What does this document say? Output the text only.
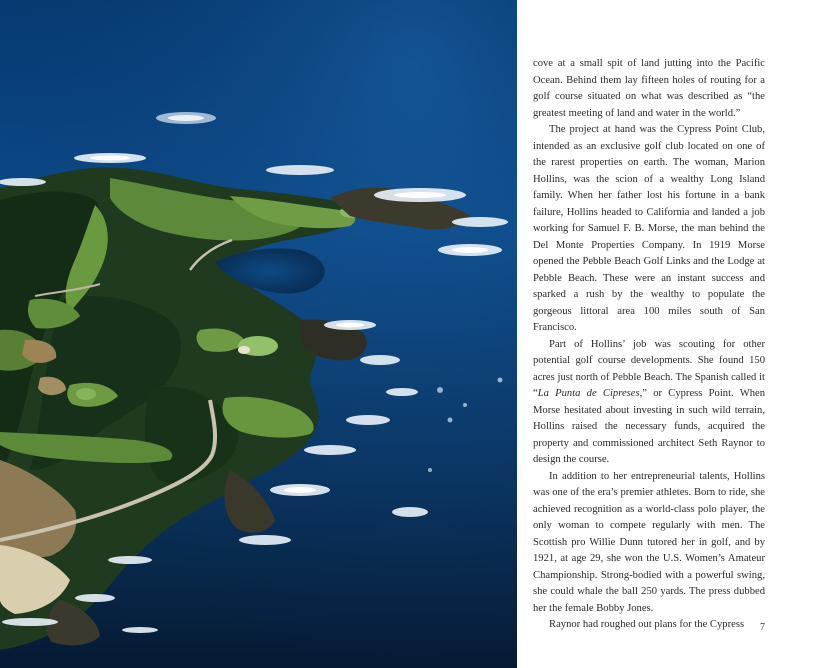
cove at a small spit of land jutting into the Pacific Ocean. Behind them lay fifteen holes of routing for a golf course situated on what was described as “the greatest meeting of land and water in the world.”

The project at hand was the Cypress Point Club, intended as an exclusive golf club located on one of the rarest properties on earth. The woman, Marion Hollins, was the scion of a wealthy Long Island family. When her father lost his fortune in a bank failure, Hollins headed to California and landed a job working for Samuel F. B. Morse, the man behind the Del Monte Properties Company. In 1919 Morse opened the Pebble Beach Golf Links and the Lodge at Pebble Beach. These were an instant success and sparked a rush by the wealthy to populate the gorgeous littoral area 100 miles south of San Francisco.

Part of Hollins’ job was scouting for other potential golf course developments. She found 150 acres just north of Pebble Beach. The Spanish called it “La Punta de Cipreses,” or Cypress Point. When Morse hesitated about investing in such wild terrain, Hollins raised the necessary funds, acquired the property and commissioned architect Seth Raynor to design the course.

In addition to her entrepreneurial talents, Hollins was one of the era’s premier athletes. Born to ride, she achieved recognition as a world-class polo player, the only woman to compete regularly with men. The Scottish pro Willie Dunn tutored her in golf, and by 1921, at age 29, she won the U.S. Women’s Amateur Championship. Strong-bodied with a powerful swing, she could whale the ball 250 yards. The press dubbed her the female Bobby Jones.

Raynor had roughed out plans for the Cypress	7
